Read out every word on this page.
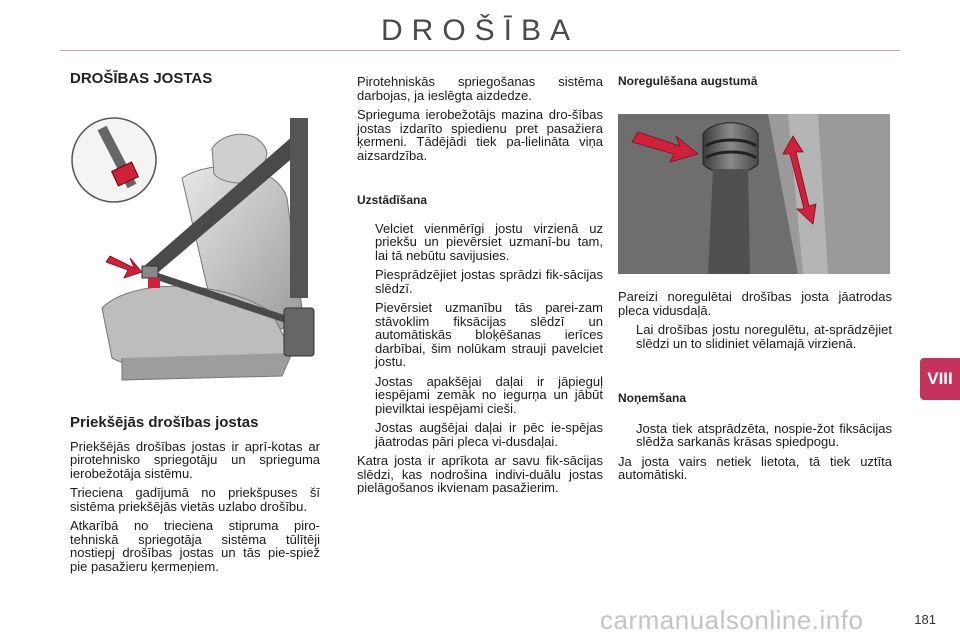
DROŠĪBA
VIII
DROŠĪBAS JOSTAS
Priekšējās drošības jostas

Priekšējās drošības jostas ir aprī-kotas ar pirotehnisko spriegotāju un sprieguma ierobežotāja sistēmu.

Trieciena gadījumā no priekšpuses šī sistēma priekšējās vietās uzlabo drošību.

Atkarībā no trieciena stipruma piro-tehniskā spriegotāja sistēma tūlītēji nostiepj drošības jostas un tās pie-spiež pie pasažieru ķermeņiem.

Pirotehniskās spriegošanas sistēma darbojas, ja ieslēgta aizdedze.

Sprieguma ierobežotājs mazina dro-šības jostas izdarīto spiedienu pret pasažiera ķermeni. Tādējādi tiek pa-lielināta viņa aizsardzība.

Uzstādīšana

Velciet vienmērīgi jostu virzienā uz priekšu un pievērsiet uzmanī-bu tam, lai tā nebūtu savijusies.
Piesprādzējiet jostas sprādzi fik-sācijas slēdzī.
Pievērsiet uzmanību tās parei-zam stāvoklim fiksācijas slēdzī un automātiskās bloķēšanas ierīces darbībai, šim nolūkam strauji pavelciet jostu.
Jostas apakšējai daļai ir jāpieguļ iespējami zemāk no iegurņa un jābūt pievilktai iespējami cieši.
Jostas augšējai daļai ir pēc ie-spējas jāatrodas pāri pleca vi-dusdaļai.

Katra josta ir aprīkota ar savu fik-sācijas slēdzi, kas nodrošina indivi-duālu jostas pielāgošanos ikvienam pasažierim.

Noregulēšana augstumā

Pareizi noregulētai drošības josta jāatrodas pleca vidusdaļā.

Lai drošības jostu noregulētu, at-sprādzējiet slēdzi un to slidiniet vēlamajā virzienā.

Noņemšana

Josta tiek atsprādzēta, nospie-žot fiksācijas slēdža sarkanās krāsas spiedpogu.

Ja josta vairs netiek lietota, tā tiek uztīta automātiski.

carmanualsonline.info	181
